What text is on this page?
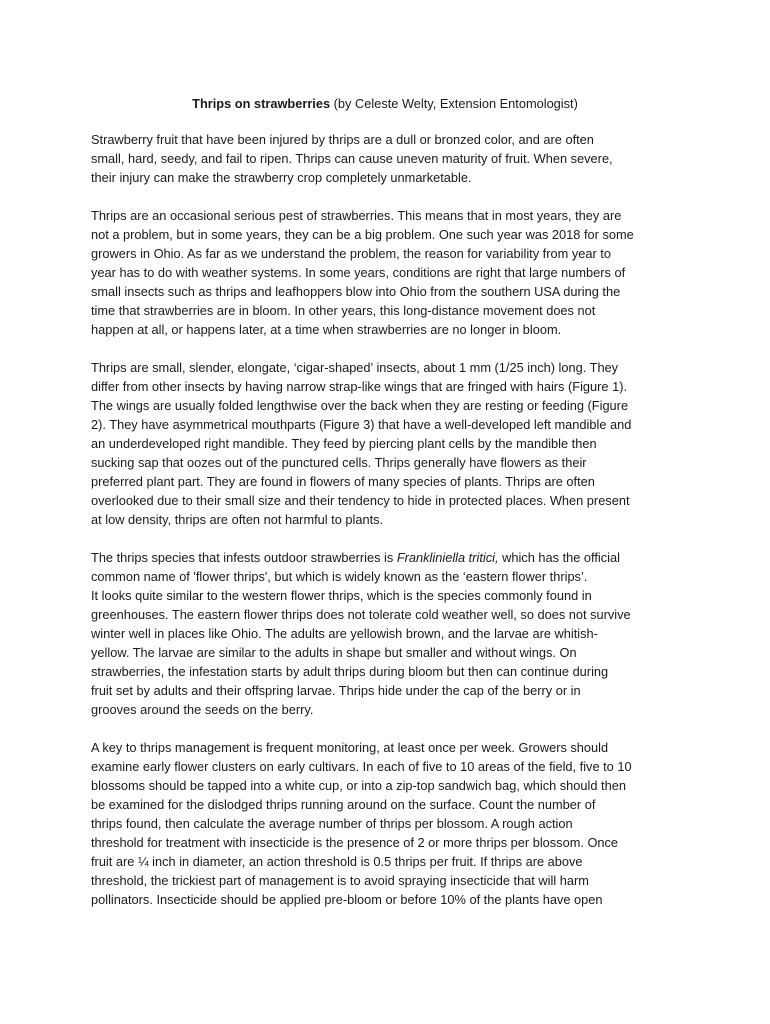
Thrips on strawberries (by Celeste Welty, Extension Entomologist)
Strawberry fruit that have been injured by thrips are a dull or bronzed color, and are often
small, hard, seedy, and fail to ripen. Thrips can cause uneven maturity of fruit. When severe,
their injury can make the strawberry crop completely unmarketable.
Thrips are an occasional serious pest of strawberries. This means that in most years, they are
not a problem, but in some years, they can be a big problem. One such year was 2018 for some
growers in Ohio. As far as we understand the problem, the reason for variability from year to
year has to do with weather systems. In some years, conditions are right that large numbers of
small insects such as thrips and leafhoppers blow into Ohio from the southern USA during the
time that strawberries are in bloom. In other years, this long-distance movement does not
happen at all, or happens later, at a time when strawberries are no longer in bloom.
Thrips are small, slender, elongate, ‘cigar-shaped’ insects, about 1 mm (1/25 inch) long. They
differ from other insects by having narrow strap-like wings that are fringed with hairs (Figure 1).
The wings are usually folded lengthwise over the back when they are resting or feeding (Figure
2). They have asymmetrical mouthparts (Figure 3) that have a well-developed left mandible and
an underdeveloped right mandible. They feed by piercing plant cells by the mandible then
sucking sap that oozes out of the punctured cells. Thrips generally have flowers as their
preferred plant part. They are found in flowers of many species of plants. Thrips are often
overlooked due to their small size and their tendency to hide in protected places. When present
at low density, thrips are often not harmful to plants.
The thrips species that infests outdoor strawberries is Frankliniella tritici, which has the official
common name of 'flower thrips', but which is widely known as the ‘eastern flower thrips’.
It looks quite similar to the western flower thrips, which is the species commonly found in
greenhouses. The eastern flower thrips does not tolerate cold weather well, so does not survive
winter well in places like Ohio. The adults are yellowish brown, and the larvae are whitish-
yellow. The larvae are similar to the adults in shape but smaller and without wings. On
strawberries, the infestation starts by adult thrips during bloom but then can continue during
fruit set by adults and their offspring larvae. Thrips hide under the cap of the berry or in
grooves around the seeds on the berry.
A key to thrips management is frequent monitoring, at least once per week. Growers should
examine early flower clusters on early cultivars. In each of five to 10 areas of the field, five to 10
blossoms should be tapped into a white cup, or into a zip-top sandwich bag, which should then
be examined for the dislodged thrips running around on the surface. Count the number of
thrips found, then calculate the average number of thrips per blossom. A rough action
threshold for treatment with insecticide is the presence of 2 or more thrips per blossom. Once
fruit are ¼ inch in diameter, an action threshold is 0.5 thrips per fruit. If thrips are above
threshold, the trickiest part of management is to avoid spraying insecticide that will harm
pollinators. Insecticide should be applied pre-bloom or before 10% of the plants have open
